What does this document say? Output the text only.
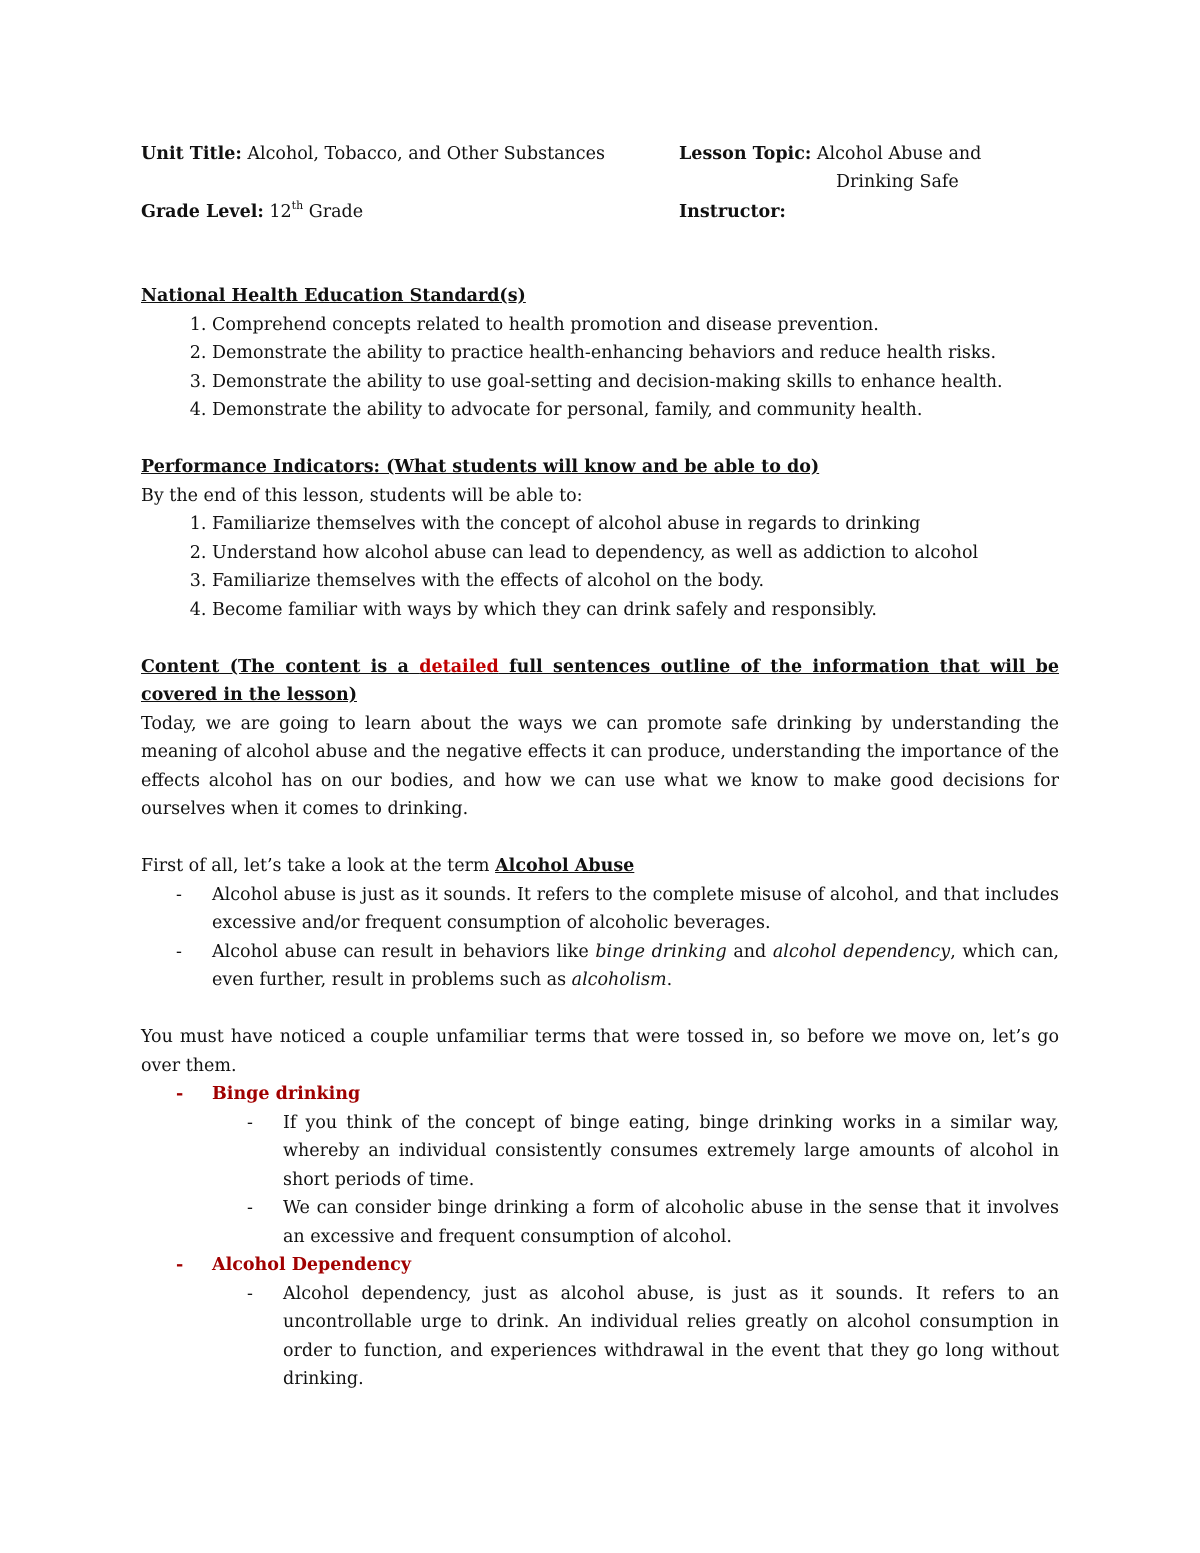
Unit Title: Alcohol, Tobacco, and Other Substances	Lesson Topic: Alcohol Abuse and
Drinking Safe
Grade Level: 12th Grade	Instructor:

National Health Education Standard(s)

1. Comprehend concepts related to health promotion and disease prevention.
2. Demonstrate the ability to practice health-enhancing behaviors and reduce health risks.
3. Demonstrate the ability to use goal-setting and decision-making skills to enhance health.
4. Demonstrate the ability to advocate for personal, family, and community health.

Performance Indicators: (What students will know and be able to do)

By the end of this lesson, students will be able to:

1. Familiarize themselves with the concept of alcohol abuse in regards to drinking
2. Understand how alcohol abuse can lead to dependency, as well as addiction to alcohol
3. Familiarize themselves with the effects of alcohol on the body.
4. Become familiar with ways by which they can drink safely and responsibly.

Content (The content is a detailed full sentences outline of the information that will be covered in the lesson)

Today, we are going to learn about the ways we can promote safe drinking by understanding the meaning of alcohol abuse and the negative effects it can produce, understanding the importance of the effects alcohol has on our bodies, and how we can use what we know to make good decisions for ourselves when it comes to drinking.

First of all, let’s take a look at the term Alcohol Abuse

- Alcohol abuse is just as it sounds. It refers to the complete misuse of alcohol, and that includes excessive and/or frequent consumption of alcoholic beverages.
- Alcohol abuse can result in behaviors like binge drinking and alcohol dependency, which can, even further, result in problems such as alcoholism.

You must have noticed a couple unfamiliar terms that were tossed in, so before we move on, let’s go over them.

- Binge drinking
- If you think of the concept of binge eating, binge drinking works in a similar way, whereby an individual consistently consumes extremely large amounts of alcohol in short periods of time.
- We can consider binge drinking a form of alcoholic abuse in the sense that it involves an excessive and frequent consumption of alcohol.
- Alcohol Dependency
- Alcohol dependency, just as alcohol abuse, is just as it sounds. It refers to an uncontrollable urge to drink. An individual relies greatly on alcohol consumption in order to function, and experiences withdrawal in the event that they go long without drinking.
